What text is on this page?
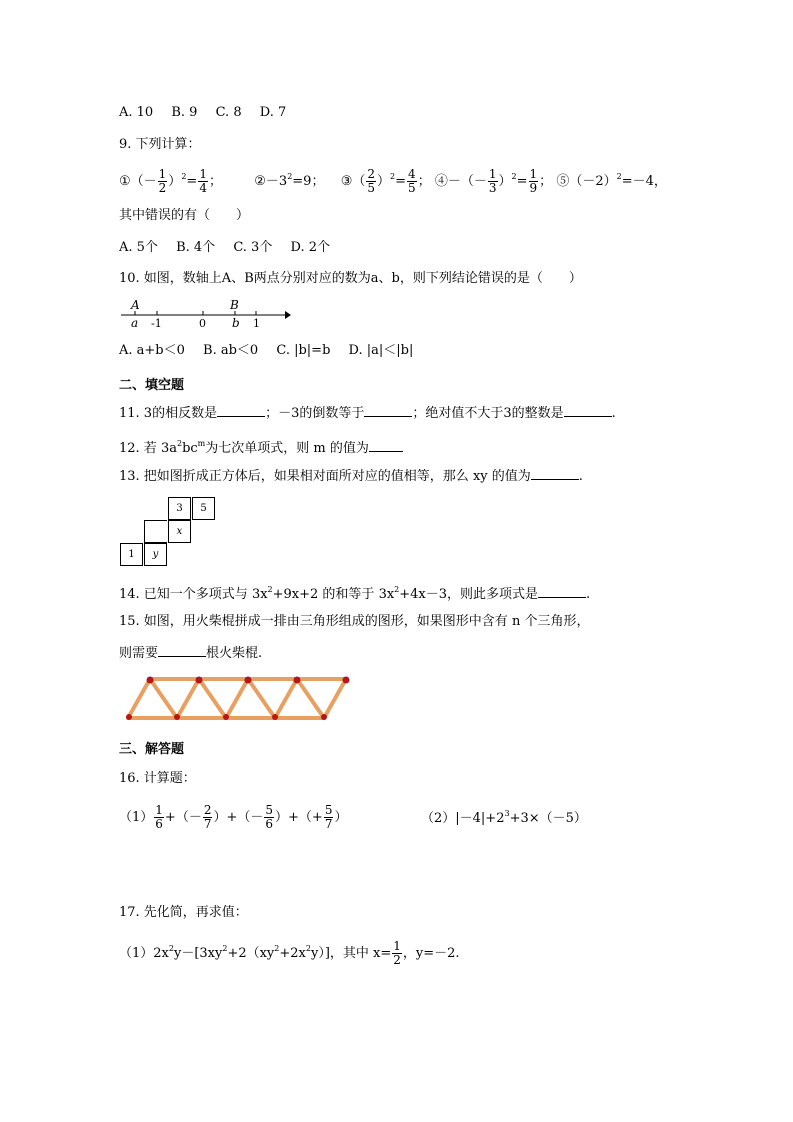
A. 10 B. 9 C. 8 D. 7
9. 下列计算：
①（－ $\frac{1}{2} )^2= \frac{1}{4}$ ； $②-3^2=9$； ③（ $\frac{2}{5} )^2= \frac{4}{5}$ ； ④－（－ $\frac{1}{3} )^2= \frac{1}{9}$ ； $⑤(-2)^2=-4$，
其中错误的有（　　）
A. 5个 B. 4个 C. 3个 D. 2个
10. 如图，数轴上A、B两点分别对应的数为a、b，则下列结论错误的是（　　）
A
a -1	0
B
b 1
A. a+b＜0 B. ab＜0 C. |b|=b D. |a|＜|b|
二、填空题
11. 3的相反数是	；－3的倒数等于	；绝对值不大于3的整数是	.
12. 若 $3a^2bc^m$为七次单项式，则 m 的值为
13. 把如图折成正方体后，如果相对面所对应的值相等，那么 xy 的值为	.
3	5
x
1	y
14. 已知一个多项式与 $3x^2+9x+2$ 的和等于 $3x^2+4x-3$，则此多项式是	.
15. 如图，用火柴棍拼成一排由三角形组成的图形，如果图形中含有 n 个三角形，
则需要	根火柴棍.
三、解答题
16. 计算题：
$(1) \frac{1}{6}$ +（－ $\frac{2}{7}$ ）+（－ $\frac{5}{6}$ ）+（+ $\frac{5}{7}$ ）	$(2)|-4|+2^3+3\times(-5)$
17. 先化简，再求值：
$(1)2x^2y-[3xy^2+2(xy^2+2x^2y)]$，其中 $x= \frac{1}{2}$ ，y=－2.
